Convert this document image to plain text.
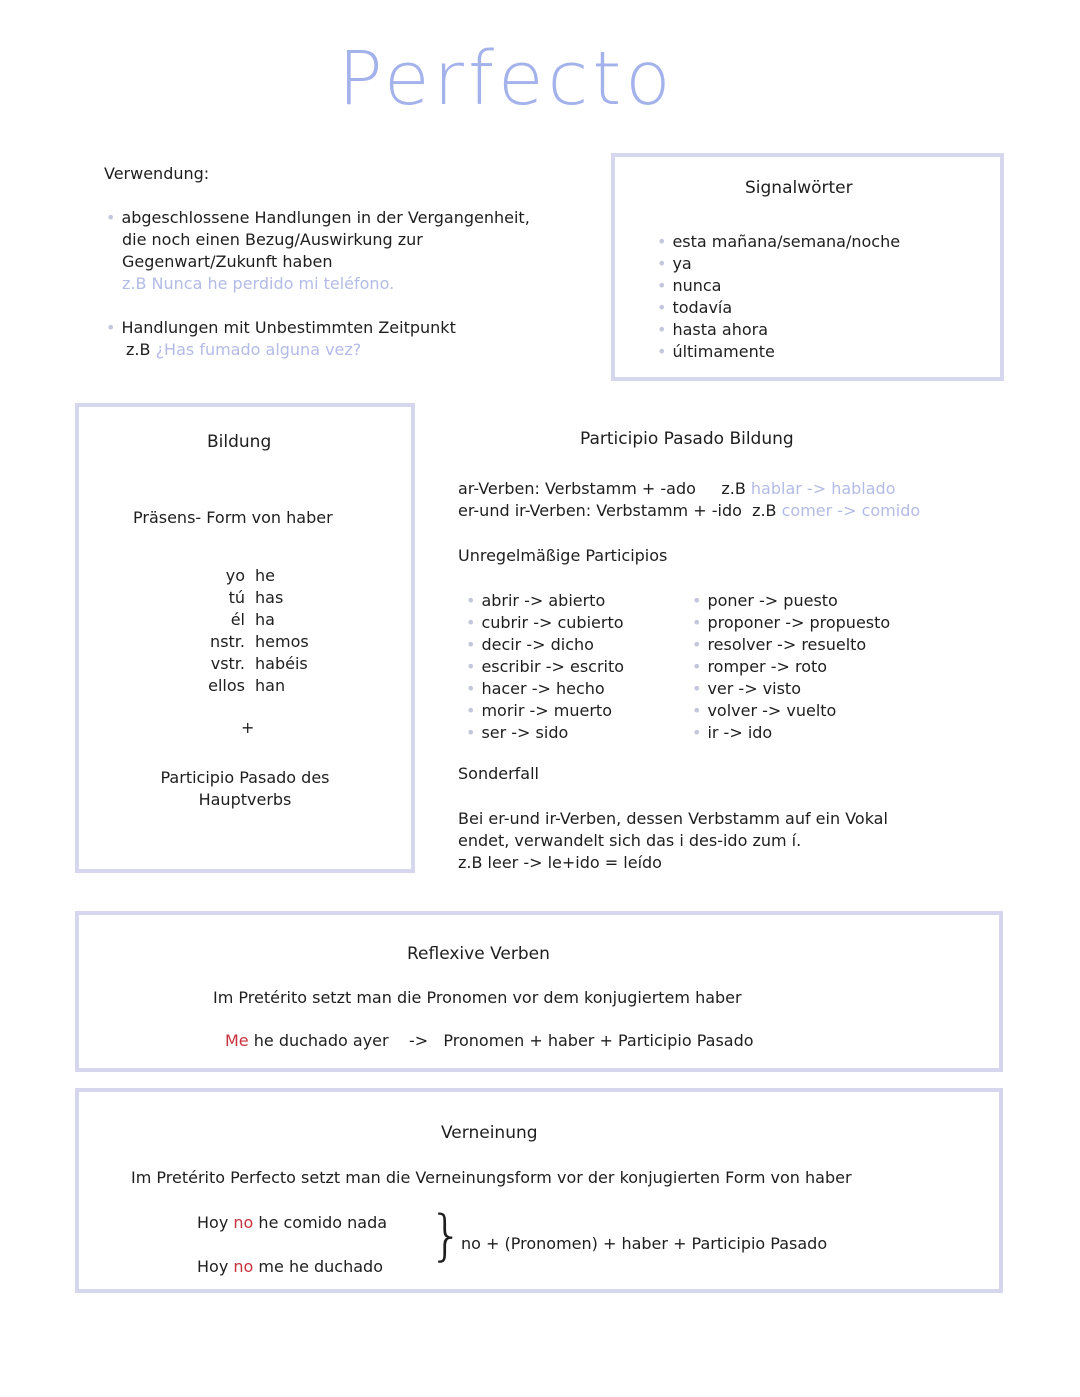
Perfecto
Verwendung:
• abgeschlossene Handlungen in der Vergangenheit,
die noch einen Bezug/Auswirkung zur
Gegenwart/Zukunft haben
z.B Nunca he perdido mi teléfono.
• Handlungen mit Unbestimmten Zeitpunkt
z.B ¿Has fumado alguna vez?
Signalwörter
• esta mañana/semana/noche
• ya
• nunca
• todavía
• hasta ahora
• últimamente
Bildung
Präsens- Form von haber
yo
tú
él
nstr.
vstr.
ellos
he
has
ha
hemos
habéis
han
+
Participio Pasado des
Hauptverbs
Participio Pasado Bildung
ar-Verben: Verbstamm + -ado z.B hablar -> hablado
er-und ir-Verben: Verbstamm + -ido z.B comer -> comido
Unregelmäßige Participios
• abrir -> abierto
• cubrir -> cubierto
• decir -> dicho
• escribir -> escrito
• hacer -> hecho
• morir -> muerto
• ser -> sido
• poner -> puesto
• proponer -> propuesto
• resolver -> resuelto
• romper -> roto
• ver -> visto
• volver -> vuelto
• ir -> ido
Sonderfall
Bei er-und ir-Verben, dessen Verbstamm auf ein Vokal
endet, verwandelt sich das i des-ido zum í.
z.B leer -> le+ido = leído
Reflexive Verben
Im Pretérito setzt man die Pronomen vor dem konjugiertem haber
Me he duchado ayer -> Pronomen + haber + Participio Pasado
Verneinung
Im Pretérito Perfecto setzt man die Verneinungsform vor der konjugierten Form von haber
Hoy no he comido nada
Hoy no me he duchado }
no + (Pronomen) + haber + Participio Pasado
